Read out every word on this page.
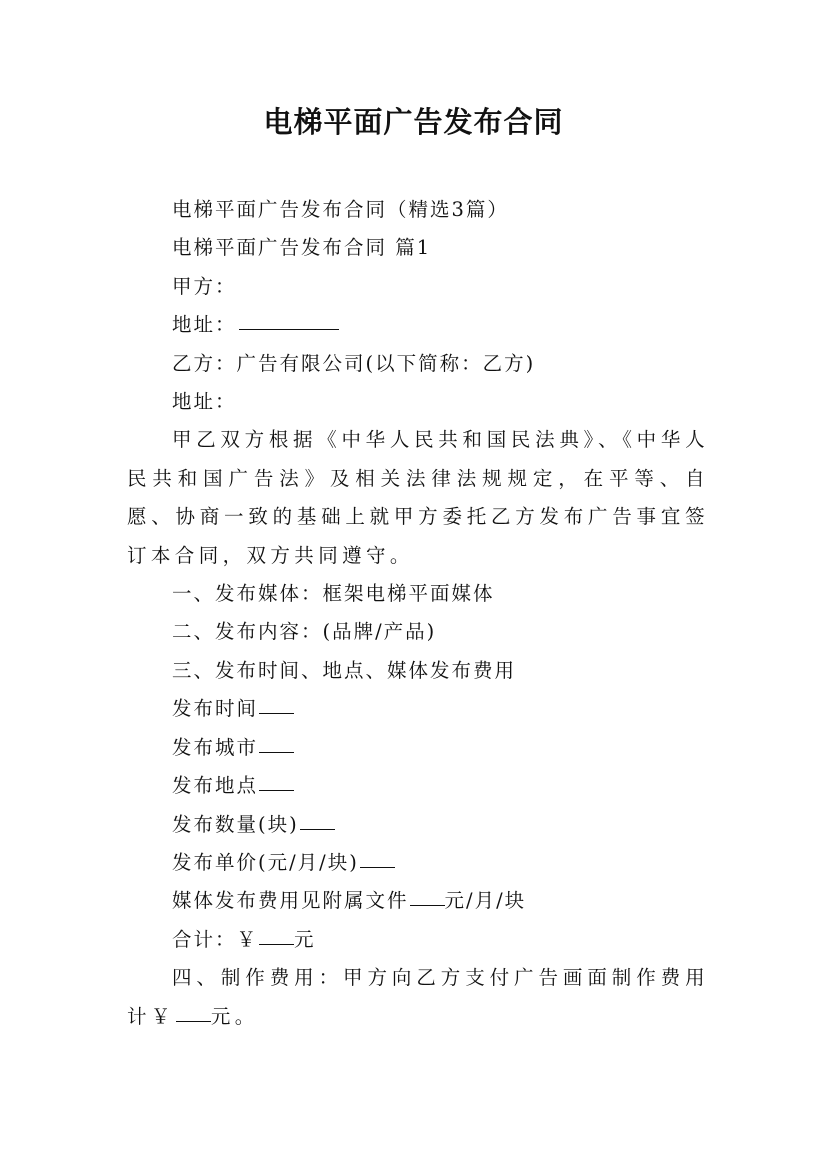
电梯平面广告发布合同
电梯平面广告发布合同（精选3篇）
电梯平面广告发布合同 篇1
甲方：
地址：
乙方：广告有限公司(以下简称：乙方)
地址：
甲乙双方根据《中华人民共和国民法典》、《中华人民共和国广告法》及相关法律法规规定，在平等、自愿、协商一致的基础上就甲方委托乙方发布广告事宜签订本合同，双方共同遵守。
一、发布媒体：框架电梯平面媒体
二、发布内容：(品牌/产品)
三、发布时间、地点、媒体发布费用
发布时间
发布城市
发布地点
发布数量(块)
发布单价(元/月/块)
媒体发布费用见附属文件 元/月/块
合计：￥ 元
四、制作费用：甲方向乙方支付广告画面制作费用计￥ 元。
